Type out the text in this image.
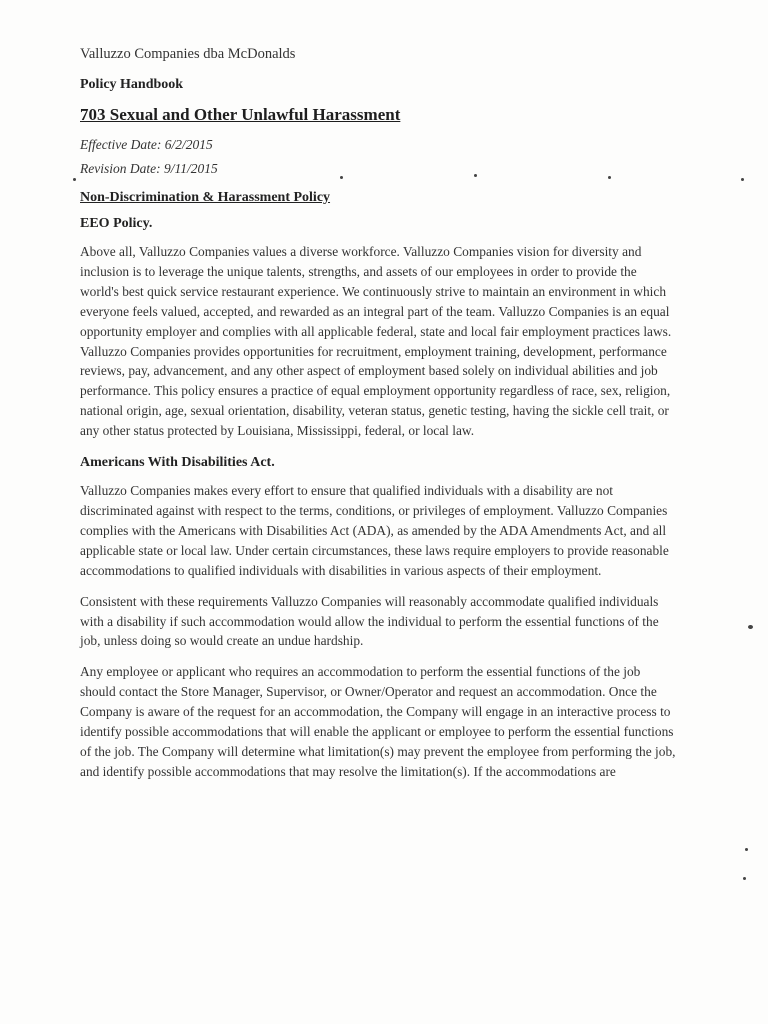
Valluzzo Companies dba McDonalds

Policy Handbook

703 Sexual and Other Unlawful Harassment

Effective Date: 6/2/2015

Revision Date: 9/11/2015

Non-Discrimination & Harassment Policy

EEO Policy.

Above all, Valluzzo Companies values a diverse workforce. Valluzzo Companies vision for diversity and inclusion is to leverage the unique talents, strengths, and assets of our employees in order to provide the world's best quick service restaurant experience. We continuously strive to maintain an environment in which everyone feels valued, accepted, and rewarded as an integral part of the team. Valluzzo Companies is an equal opportunity employer and complies with all applicable federal, state and local fair employment practices laws. Valluzzo Companies provides opportunities for recruitment, employment training, development, performance reviews, pay, advancement, and any other aspect of employment based solely on individual abilities and job performance. This policy ensures a practice of equal employment opportunity regardless of race, sex, religion, national origin, age, sexual orientation, disability, veteran status, genetic testing, having the sickle cell trait, or any other status protected by Louisiana, Mississippi, federal, or local law.

Americans With Disabilities Act.

Valluzzo Companies makes every effort to ensure that qualified individuals with a disability are not discriminated against with respect to the terms, conditions, or privileges of employment. Valluzzo Companies complies with the Americans with Disabilities Act (ADA), as amended by the ADA Amendments Act, and all applicable state or local law. Under certain circumstances, these laws require employers to provide reasonable accommodations to qualified individuals with disabilities in various aspects of their employment.

Consistent with these requirements Valluzzo Companies will reasonably accommodate qualified individuals with a disability if such accommodation would allow the individual to perform the essential functions of the job, unless doing so would create an undue hardship.

Any employee or applicant who requires an accommodation to perform the essential functions of the job should contact the Store Manager, Supervisor, or Owner/Operator and request an accommodation. Once the Company is aware of the request for an accommodation, the Company will engage in an interactive process to identify possible accommodations that will enable the applicant or employee to perform the essential functions of the job. The Company will determine what limitation(s) may prevent the employee from performing the job, and identify possible accommodations that may resolve the limitation(s). If the accommodations are
